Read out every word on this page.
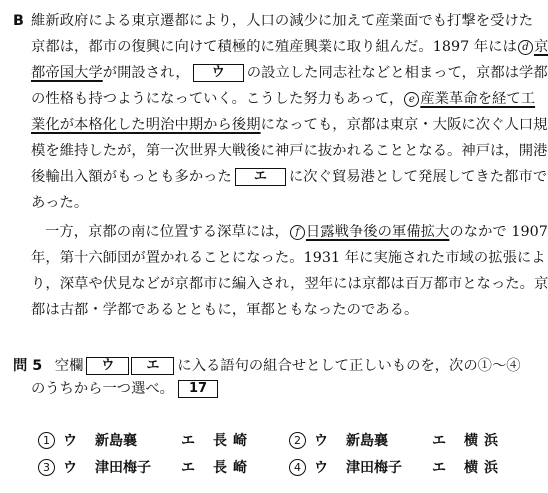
B 維新政府による東京遷都により，人口の減少に加えて産業面でも打撃を受けた
京都は，都市の復興に向けて積極的に殖産興業に取り組んだ。1897 年には d 京
都帝国大学が開設され， ウ の設立した同志社などと相まって，京都は学都
の性格も持つようになっていく。こうした努力もあって， e 産業革命を経て工
業化が本格化した明治中期から後期になっても，京都は東京・大阪に次ぐ人口規
模を維持したが，第一次世界大戦後に神戸に抜かれることとなる。神戸は，開港
後輸出入額がもっとも多かった エ に次ぐ貿易港として発展してきた都市で
あった。
一方，京都の南に位置する深草には， f 日露戦争後の軍備拡大のなかで 1907
年，第十六師団が置かれることになった。1931 年に実施された市域の拡張によ
り，深草や伏見などが京都市に編入され，翌年には京都は百万都市となった。京
都は古都・学都であるとともに，軍都ともなったのである。
問 5 空欄 ウ エ に入る語句の組合せとして正しいものを，次の①〜④
のうちから一つ選べ。 17
1 ウ 新島襄	エ 長崎	2 ウ 新島襄	エ 横浜
3 ウ 津田梅子 エ 長崎	4 ウ 津田梅子 エ 横浜
